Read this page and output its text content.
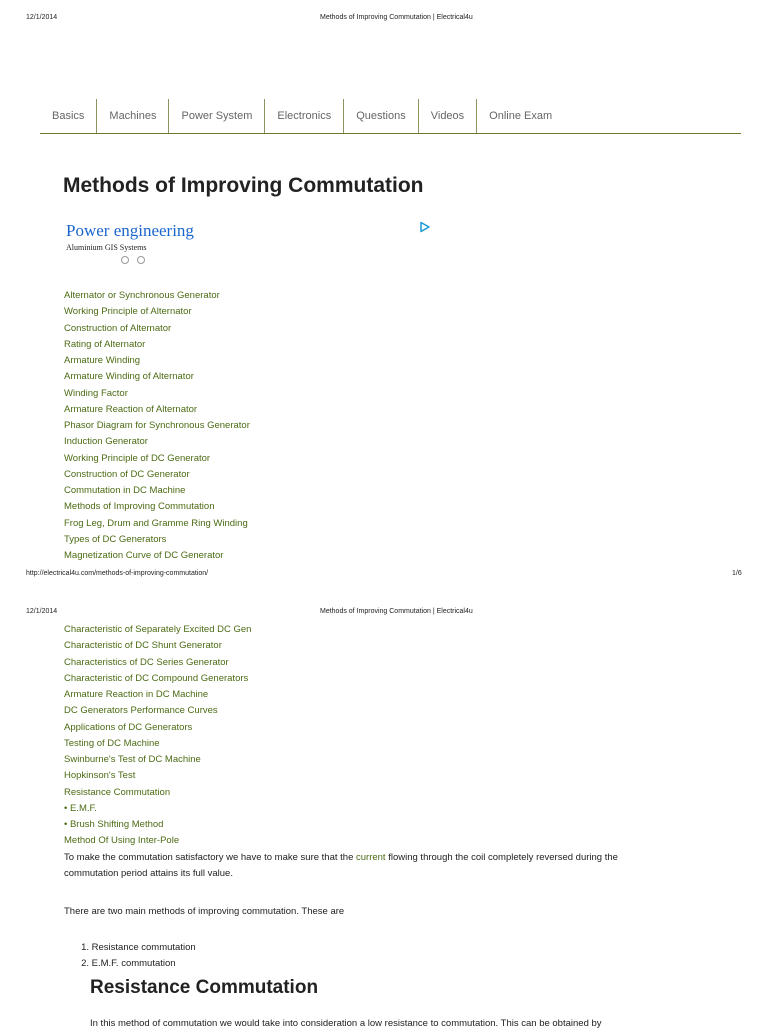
12/1/2014	Methods of Improving Commutation | Electrical4u
Basics	Machines	Power System	Electronics	Questions	Videos	Online Exam
Methods of Improving Commutation
Power engineering
Aluminium GIS Systems
Alternator or Synchronous Generator
Working Principle of Alternator
Construction of Alternator
Rating of Alternator
Armature Winding
Armature Winding of Alternator
Winding Factor
Armature Reaction of Alternator
Phasor Diagram for Synchronous Generator
Induction Generator
Working Principle of DC Generator
Construction of DC Generator
Commutation in DC Machine
Methods of Improving Commutation
Frog Leg, Drum and Gramme Ring Winding
Types of DC Generators
Magnetization Curve of DC Generator
http://electrical4u.com/methods-of-improving-commutation/	1/6
12/1/2014	Methods of Improving Commutation | Electrical4u
Characteristic of Separately Excited DC Gen
Characteristic of DC Shunt Generator
Characteristics of DC Series Generator
Characteristic of DC Compound Generators
Armature Reaction in DC Machine
DC Generators Performance Curves
Applications of DC Generators
Testing of DC Machine
Swinburne's Test of DC Machine
Hopkinson's Test
Resistance Commutation
• E.M.F.
• Brush Shifting Method
Method Of Using Inter-Pole
To make the commutation satisfactory we have to make sure that the current flowing through the coil completely reversed during the
commutation period attains its full value.
There are two main methods of improving commutation. These are
1. Resistance commutation
2. E.M.F. commutation
Resistance Commutation
In this method of commutation we would take into consideration a low resistance to commutation. This can be obtained by
